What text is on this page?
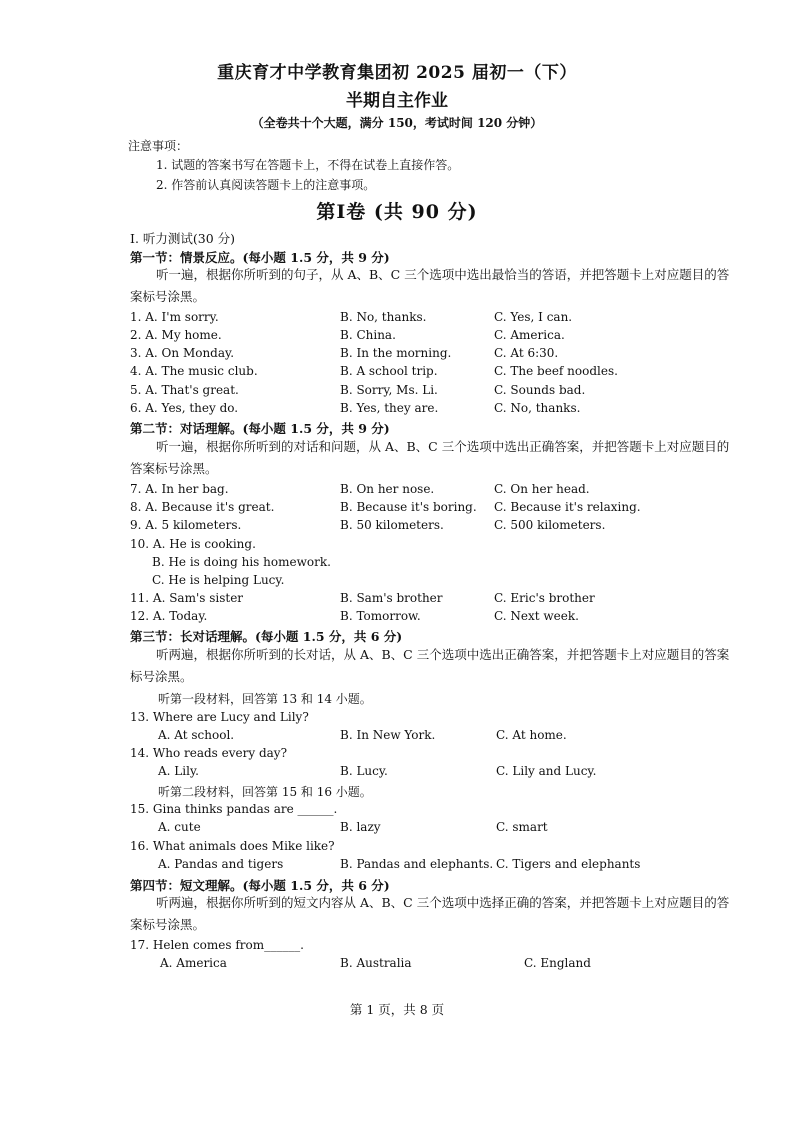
重庆育才中学教育集团初 2025 届初一（下）
半期自主作业
（全卷共十个大题，满分 150，考试时间 120 分钟）
注意事项：
1. 试题的答案书写在答题卡上，不得在试卷上直接作答。
2. 作答前认真阅读答题卡上的注意事项。
第Ⅰ卷 (共 90 分)
Ⅰ. 听力测试(30 分)
第一节：情景反应。(每小题 1.5 分，共 9 分)
听一遍，根据你所听到的句子，从 A、B、C 三个选项中选出最恰当的答语，并把答题卡上对应题目的答案标号涂黑。
1. A. I'm sorry.	B. No, thanks.	C. Yes, I can.
2. A. My home.	B. China.	C. America.
3. A. On Monday.	B. In the morning.	C. At 6:30.
4. A. The music club.	B. A school trip.	C. The beef noodles.
5. A. That's great.	B. Sorry, Ms. Li.	C. Sounds bad.
6. A. Yes, they do.	B. Yes, they are.	C. No, thanks.
第二节：对话理解。(每小题 1.5 分，共 9 分)
听一遍，根据你所听到的对话和问题，从 A、B、C 三个选项中选出正确答案，并把答题卡上对应题目的答案标号涂黑。
7. A. In her bag.	B. On her nose.	C. On her head.
8. A. Because it's great.	B. Because it's boring. C. Because it's relaxing.
9. A. 5 kilometers.	B. 50 kilometers.	C. 500 kilometers.
10. A. He is cooking.
B. He is doing his homework.
C. He is helping Lucy.
11. A. Sam's sister	B. Sam's brother	C. Eric's brother
12. A. Today.	B. Tomorrow.	C. Next week.
第三节：长对话理解。(每小题 1.5 分，共 6 分)
听两遍，根据你所听到的长对话，从 A、B、C 三个选项中选出正确答案，并把答题卡上对应题目的答案标号涂黑。
听第一段材料，回答第 13 和 14 小题。
13. Where are Lucy and Lily?
A. At school.	B. In New York.	C. At home.
14. Who reads every day?
A. Lily.	B. Lucy.	C. Lily and Lucy.
听第二段材料，回答第 15 和 16 小题。
15. Gina thinks pandas are ______.
A. cute	B. lazy	C. smart
16. What animals does Mike like?
A. Pandas and tigers	B. Pandas and elephants. C. Tigers and elephants
第四节：短文理解。(每小题 1.5 分，共 6 分)
听两遍，根据你所听到的短文内容从 A、B、C 三个选项中选择正确的答案，并把答题卡上对应题目的答案标号涂黑。
17. Helen comes from______.
A. America	B. Australia	C. England
第 1 页，共 8 页
